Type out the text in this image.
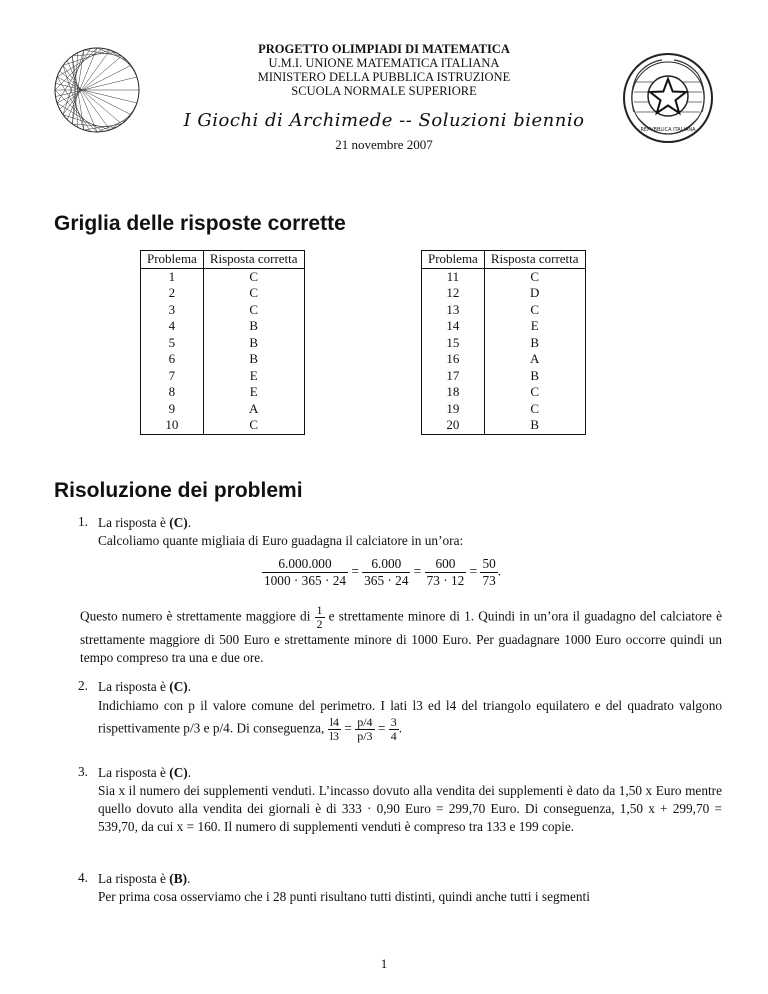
REPVBBLICA ITALIANA
PROGETTO OLIMPIADI DI MATEMATICA
U.M.I. UNIONE MATEMATICA ITALIANA
MINISTERO DELLA PUBBLICA ISTRUZIONE
SCUOLA NORMALE SUPERIORE
I Giochi di Archimede -- Soluzioni biennio
21 novembre 2007
Griglia delle risposte corrette
Problema	Risposta corretta
1	C
2	C
3	C
4	B
5	B
6	B
7	E
8	E
9	A
10	C
Problema	Risposta corretta
11	C
12	D
13	C
14	E
15	B
16	A
17	B
18	C
19	C
20	B
Risoluzione dei problemi
1. La risposta è (C).
Calcoliamo quante migliaia di Euro guadagna il calciatore in un’ora:
$\frac{6.000.000}{1000 \cdot 365 \cdot 24} = \frac{6.000}{365 \cdot 24} = \frac{600}{73 \cdot 12} = \frac{50}{73}$ .
Questo numero è strettamente maggiore di $\frac{1}{2}$ e strettamente minore di 1. Quindi in un’ora il guadagno del calciatore è strettamente maggiore di 500 Euro e strettamente minore di 1000 Euro. Per guadagnare 1000 Euro occorre quindi un tempo compreso tra una e due ore.
2. La risposta è (C).
Indichiamo con p il valore comune del perimetro. I lati l3 ed l4 del triangolo equilatero e del quadrato valgono rispettivamente p/3 e p/4. Di conseguenza, $\frac{l4}{l3} = \frac{p/4}{p/3} = \frac{3}{4}$ .
3. La risposta è (C).
Sia x il numero dei supplementi venduti. L’incasso dovuto alla vendita dei supplementi è dato da 1,50 x Euro mentre quello dovuto alla vendita dei giornali è di 333 · 0,90 Euro = 299,70 Euro. Di conseguenza, 1,50 x + 299,70 = 539,70, da cui x = 160. Il numero di supplementi venduti è compreso tra 133 e 199 copie.
4. La risposta è (B).
Per prima cosa osserviamo che i 28 punti risultano tutti distinti, quindi anche tutti i segmenti
1
